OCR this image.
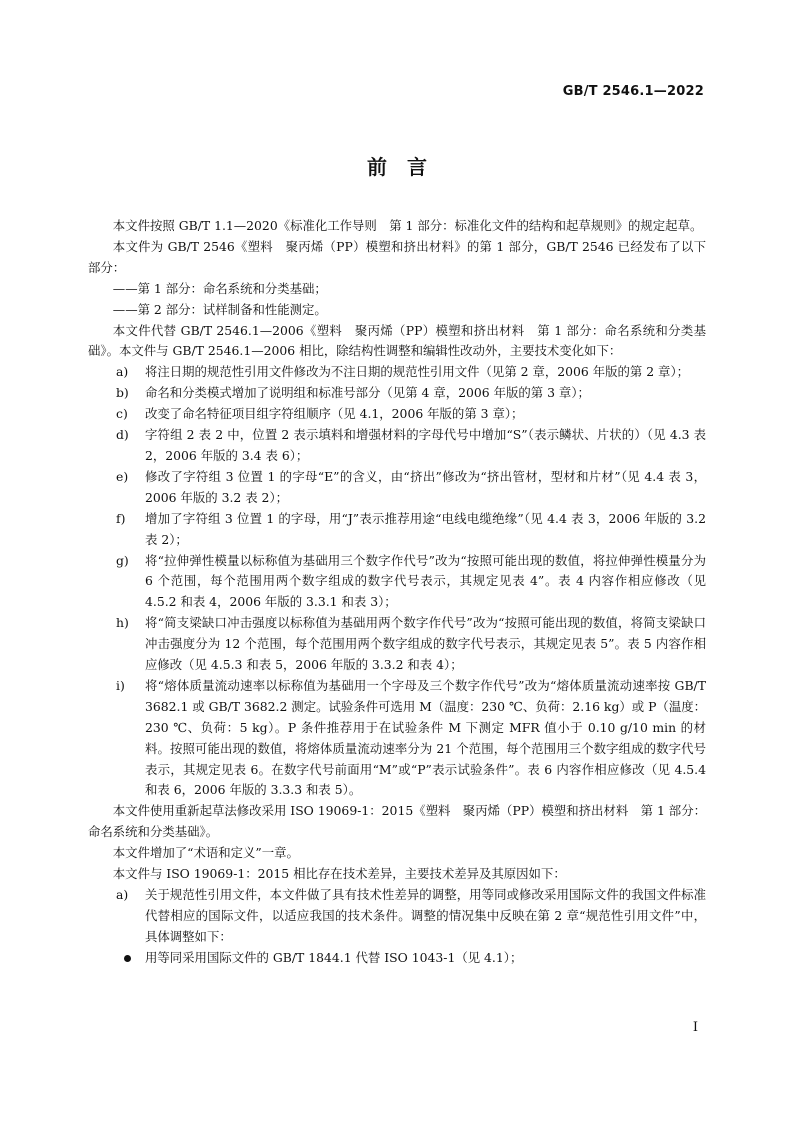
GB/T 2546.1—2022
前　言

本文件按照 GB/T 1.1—2020《标准化工作导则　第 1 部分：标准化文件的结构和起草规则》的规定起草。

本文件为 GB/T 2546《塑料　聚丙烯（PP）模塑和挤出材料》的第 1 部分，GB/T 2546 已经发布了以下部分：

——第 1 部分：命名系统和分类基础；

——第 2 部分：试样制备和性能测定。

本文件代替 GB/T 2546.1—2006《塑料　聚丙烯（PP）模塑和挤出材料　第 1 部分：命名系统和分类基础》。本文件与 GB/T 2546.1—2006 相比，除结构性调整和编辑性改动外，主要技术变化如下：

a) 将注日期的规范性引用文件修改为不注日期的规范性引用文件（见第 2 章，2006 年版的第 2 章）；

b) 命名和分类模式增加了说明组和标准号部分（见第 4 章，2006 年版的第 3 章）；

c) 改变了命名特征项目组字符组顺序（见 4.1，2006 年版的第 3 章）；

d) 字符组 2 表 2 中，位置 2 表示填料和增强材料的字母代号中增加“S”（表示鳞状、片状的）（见 4.3 表 2，2006 年版的 3.4 表 6）；

e) 修改了字符组 3 位置 1 的字母“E”的含义，由“挤出”修改为“挤出管材，型材和片材”（见 4.4 表 3，2006 年版的 3.2 表 2）；

f) 增加了字符组 3 位置 1 的字母，用“J”表示推荐用途“电线电缆绝缘”（见 4.4 表 3，2006 年版的 3.2 表 2）；

g) 将“拉伸弹性模量以标称值为基础用三个数字作代号”改为“按照可能出现的数值，将拉伸弹性模量分为 6 个范围，每个范围用两个数字组成的数字代号表示，其规定见表 4”。表 4 内容作相应修改（见 4.5.2 和表 4，2006 年版的 3.3.1 和表 3）；

h) 将“简支梁缺口冲击强度以标称值为基础用两个数字作代号”改为“按照可能出现的数值，将简支梁缺口冲击强度分为 12 个范围，每个范围用两个数字组成的数字代号表示，其规定见表 5”。表 5 内容作相应修改（见 4.5.3 和表 5，2006 年版的 3.3.2 和表 4）；

i) 将“熔体质量流动速率以标称值为基础用一个字母及三个数字作代号”改为“熔体质量流动速率按 GB/T 3682.1 或 GB/T 3682.2 测定。试验条件可选用 M（温度：230 ℃、负荷：2.16 kg）或 P（温度：230 ℃、负荷：5 kg）。P 条件推荐用于在试验条件 M 下测定 MFR 值小于 0.10 g/10 min 的材料。按照可能出现的数值，将熔体质量流动速率分为 21 个范围，每个范围用三个数字组成的数字代号表示，其规定见表 6。在数字代号前面用“M”或“P”表示试验条件”。表 6 内容作相应修改（见 4.5.4 和表 6，2006 年版的 3.3.3 和表 5）。

本文件使用重新起草法修改采用 ISO 19069-1：2015《塑料　聚丙烯（PP）模塑和挤出材料　第 1 部分：命名系统和分类基础》。

本文件增加了“术语和定义”一章。

本文件与 ISO 19069-1：2015 相比存在技术差异，主要技术差异及其原因如下：

a) 关于规范性引用文件，本文件做了具有技术性差异的调整，用等同或修改采用国际文件的我国文件标准代替相应的国际文件，以适应我国的技术条件。调整的情况集中反映在第 2 章“规范性引用文件”中，具体调整如下：

用等同采用国际文件的 GB/T 1844.1 代替 ISO 1043-1（见 4.1）；

I
